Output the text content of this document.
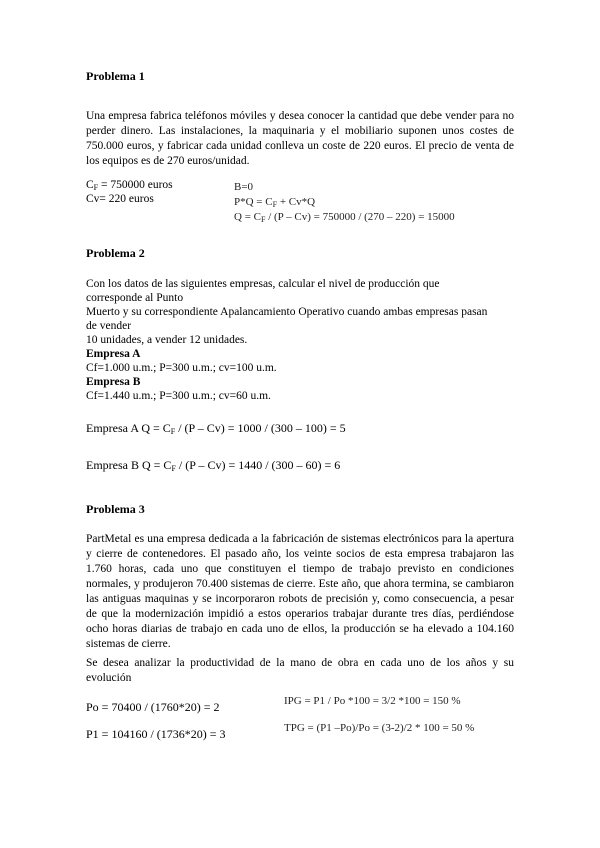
Problema 1
Una empresa fabrica teléfonos móviles y desea conocer la cantidad que debe vender para no perder dinero. Las instalaciones, la maquinaria y el mobiliario suponen unos costes de 750.000 euros, y fabricar cada unidad conlleva un coste de 220 euros. El precio de venta de los equipos es de 270 euros/unidad.
$C_F = 750000$ euros
Cv= 220 euros
B=0
$P*Q = C_F + Cv*Q$
$Q = C_F / (P - Cv) = 750000 / (270 - 220) = 15000$
Problema 2
Con los datos de las siguientes empresas, calcular el nivel de producción que
corresponde al Punto
Muerto y su correspondiente Apalancamiento Operativo cuando ambas empresas pasan
de vender
10 unidades, a vender 12 unidades.
Empresa A
Cf=1.000 u.m.; P=300 u.m.; cv=100 u.m.
Empresa B
Cf=1.440 u.m.; P=300 u.m.; cv=60 u.m.
Empresa A $Q = C_F / (P - Cv) = 1000 / (300 - 100) = 5$
Empresa B $Q = C_F / (P - Cv) = 1440 / (300 - 60) = 6$
Problema 3
PartMetal es una empresa dedicada a la fabricación de sistemas electrónicos para la apertura y cierre de contenedores. El pasado año, los veinte socios de esta empresa trabajaron las 1.760 horas, cada uno que constituyen el tiempo de trabajo previsto en condiciones normales, y produjeron 70.400 sistemas de cierre. Este año, que ahora termina, se cambiaron las antiguas maquinas y se incorporaron robots de precisión y, como consecuencia, a pesar de que la modernización impidió a estos operarios trabajar durante tres días, perdiéndose ocho horas diarias de trabajo en cada uno de ellos, la producción se ha elevado a 104.160 sistemas de cierre.
Se desea analizar la productividad de la mano de obra en cada uno de los años y su evolución
Po = 70400 / (1760*20) = 2
P1 = 104160 / (1736*20) = 3
IPG = P1 / Po *100 = 3/2 *100 = 150 %
TPG = (P1 –Po)/Po = (3-2)/2 * 100 = 50 %
